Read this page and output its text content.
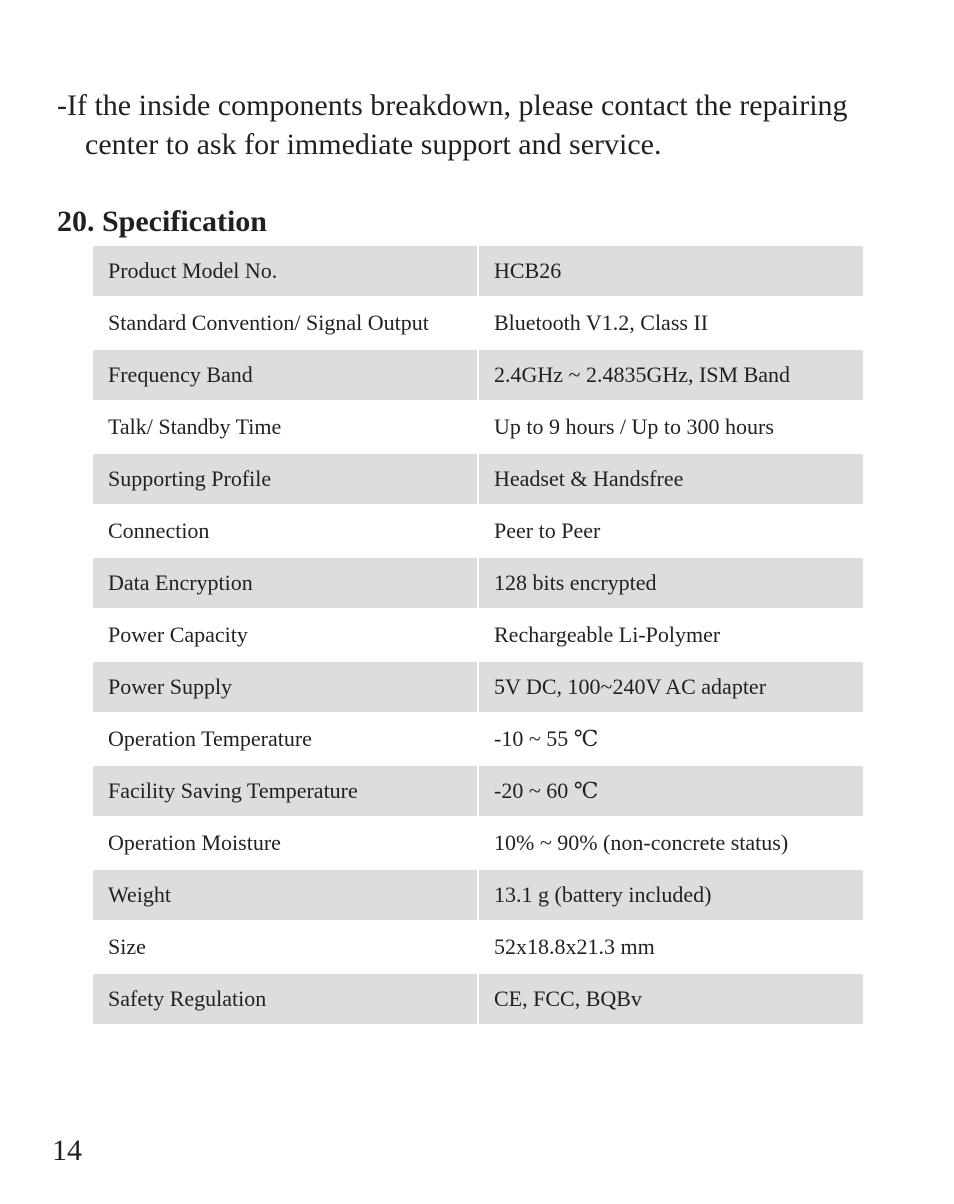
-If the inside components breakdown, please contact the repairing
center to ask for immediate support and service.
20. Specification
Product Model No.	HCB26
Standard Convention/ Signal Output	Bluetooth V1.2, Class II
Frequency Band	2.4GHz ~ 2.4835GHz, ISM Band
Talk/ Standby Time	Up to 9 hours / Up to 300 hours
Supporting Profile	Headset & Handsfree
Connection	Peer to Peer
Data Encryption	128 bits encrypted
Power Capacity	Rechargeable Li-Polymer
Power Supply	5V DC, 100~240V AC adapter
Operation Temperature	-10 ~ 55 ℃
Facility Saving Temperature	-20 ~ 60 ℃
Operation Moisture	10% ~ 90% (non-concrete status)
Weight	13.1 g (battery included)
Size	52x18.8x21.3 mm
Safety Regulation	CE, FCC, BQBv
14
